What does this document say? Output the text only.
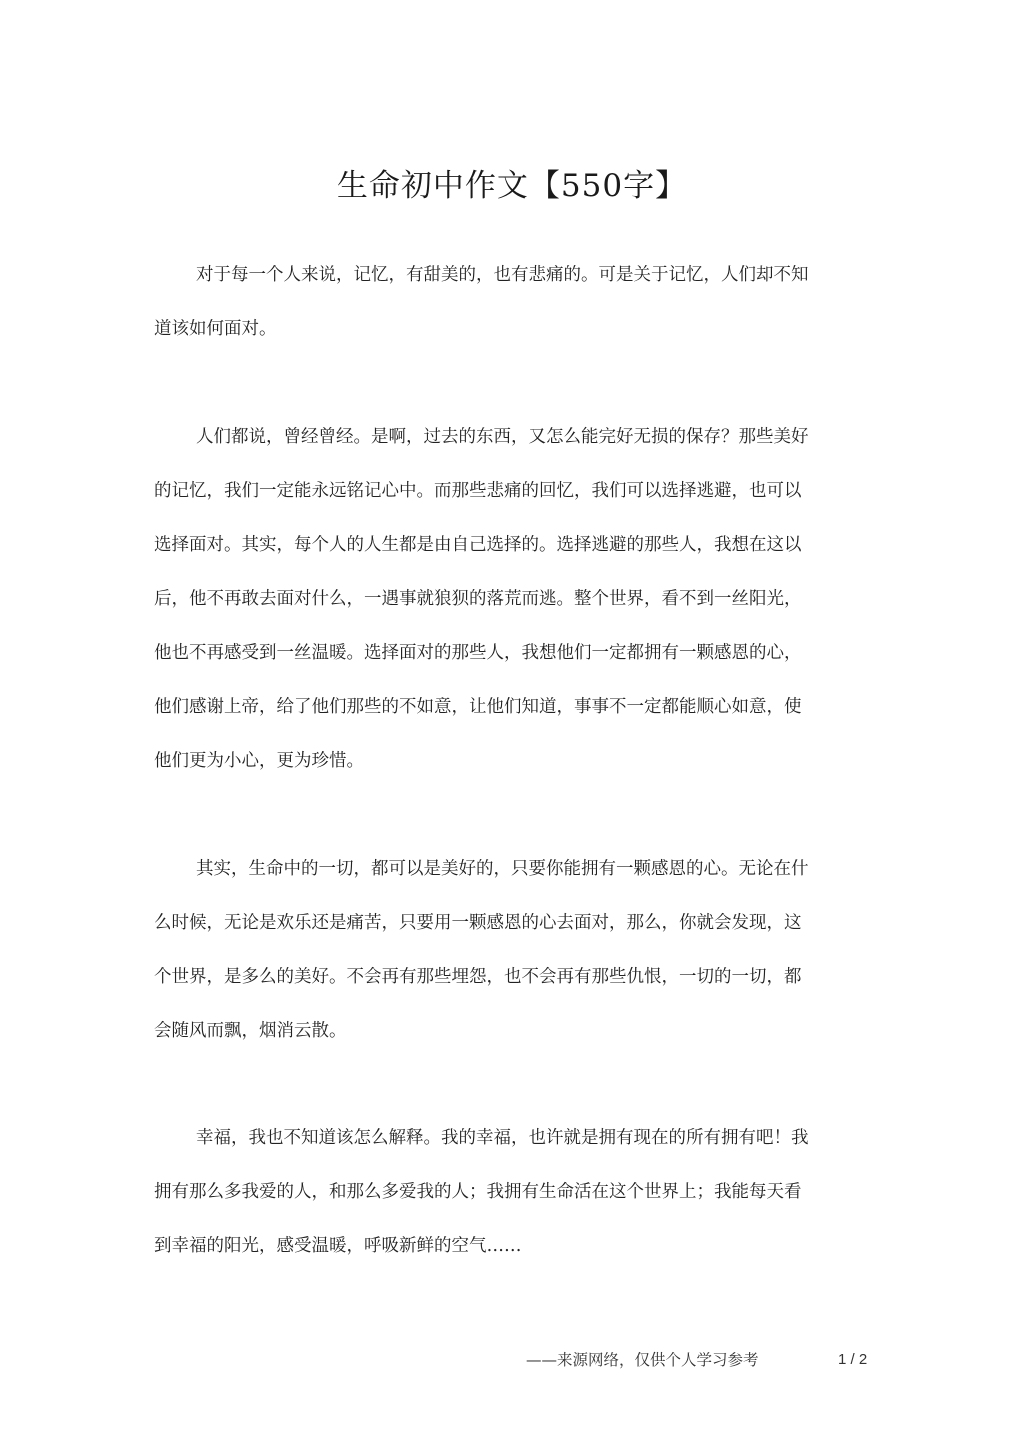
生命初中作文【550字】

对于每一个人来说，记忆，有甜美的，也有悲痛的。可是关于记忆，人们却不知道该如何面对。

人们都说，曾经曾经。是啊，过去的东西，又怎么能完好无损的保存？那些美好的记忆，我们一定能永远铭记心中。而那些悲痛的回忆，我们可以选择逃避，也可以选择面对。其实，每个人的人生都是由自己选择的。选择逃避的那些人，我想在这以后，他不再敢去面对什么，一遇事就狼狈的落荒而逃。整个世界，看不到一丝阳光，他也不再感受到一丝温暖。选择面对的那些人，我想他们一定都拥有一颗感恩的心，他们感谢上帝，给了他们那些的不如意，让他们知道，事事不一定都能顺心如意，使他们更为小心，更为珍惜。

其实，生命中的一切，都可以是美好的，只要你能拥有一颗感恩的心。无论在什么时候，无论是欢乐还是痛苦，只要用一颗感恩的心去面对，那么，你就会发现，这个世界，是多么的美好。不会再有那些埋怨，也不会再有那些仇恨，一切的一切，都会随风而飘，烟消云散。

幸福，我也不知道该怎么解释。我的幸福，也许就是拥有现在的所有拥有吧！我拥有那么多我爱的人，和那么多爱我的人；我拥有生命活在这个世界上；我能每天看到幸福的阳光，感受温暖，呼吸新鲜的空气……

——来源网络，仅供个人学习参考	1 / 2
